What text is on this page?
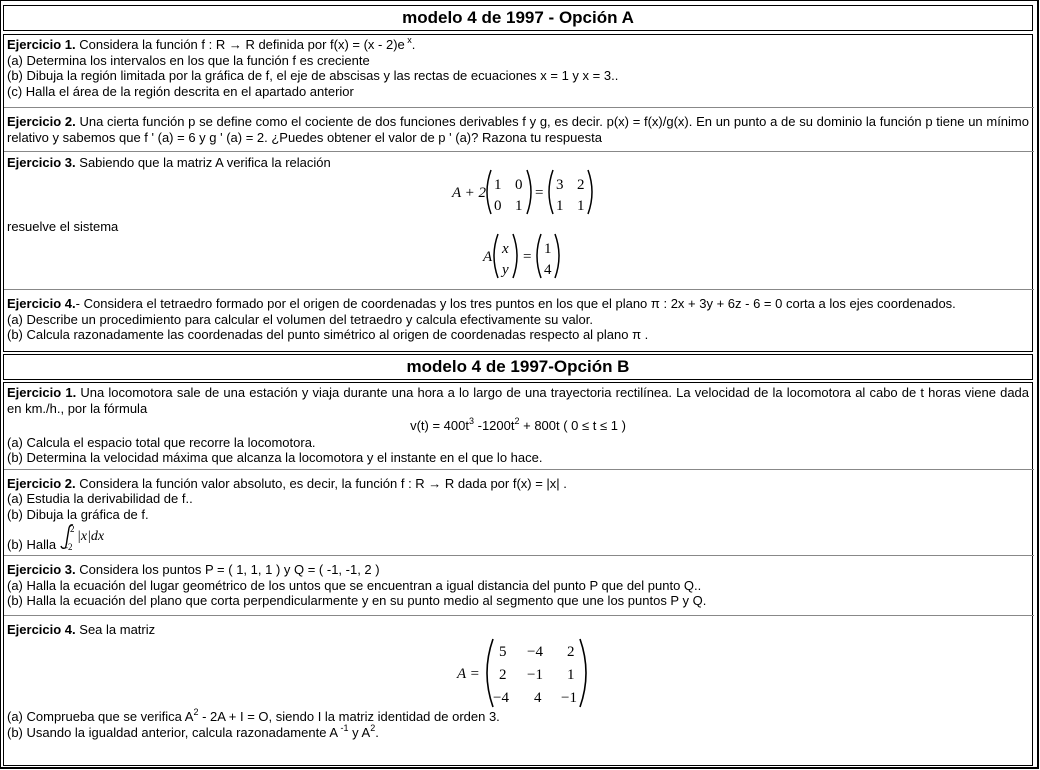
modelo 4 de 1997 - Opción A
Ejercicio 1. Considera la función f : R → R definida por f(x) = (x - 2)e $^x$.
(a) Determina los intervalos en los que la función f es creciente
(b) Dibuja la región limitada por la gráfica de f, el eje de abscisas y las rectas de ecuaciones x = 1 y x = 3..
(c) Halla el área de la región descrita en el apartado anterior
Ejercicio 2. Una cierta función p se define como el cociente de dos funciones derivables f y g, es decir. p(x) = f(x)/g(x). En un punto a de su dominio la función p tiene un mínimo relativo y sabemos que f ' (a) = 6 y g ' (a) = 2. ¿Puedes obtener el valor de p ' (a)? Razona tu respuesta
Ejercicio 3. Sabiendo que la matriz A verifica la relación
A + 2 1 0
0 1
= 3 2
1 1
resuelve el sistema
A x
y
= 1
4
Ejercicio 4.- Considera el tetraedro formado por el origen de coordenadas y los tres puntos en los que el plano π : 2x + 3y + 6z - 6 = 0 corta a los ejes coordenados.
(a) Describe un procedimiento para calcular el volumen del tetraedro y calcula efectivamente su valor.
(b) Calcula razonadamente las coordenadas del punto simétrico al origen de coordenadas respecto al plano π .
modelo 4 de 1997-Opción B
Ejercicio 1. Una locomotora sale de una estación y viaja durante una hora a lo largo de una trayectoria rectilínea. La velocidad de la locomotora al cabo de t horas viene dada en km./h., por la fórmula
$v(t) = 400t^3$ $-1200t^2 + 800t$ ( 0 ≤ t ≤ 1 )
(a) Calcula el espacio total que recorre la locomotora.
(b) Determina la velocidad máxima que alcanza la locomotora y el instante en el que lo hace.
Ejercicio 2. Considera la función valor absoluto, es decir, la función f : R → R dada por f(x) = |x| .
(a) Estudia la derivabilidad de f..
(b) Dibuja la gráfica de f.
(b) Halla
2
-2
|x|dx
Ejercicio 3. Considera los puntos P = ( 1, 1, 1 ) y Q = ( -1, -1, 2 )
(a) Halla la ecuación del lugar geométrico de los untos que se encuentran a igual distancia del punto P que del punto Q..
(b) Halla la ecuación del plano que corta perpendicularmente y en su punto medio al segmento que une los puntos P y Q.
Ejercicio 4. Sea la matriz
A =
5 −4 2
2 −1 1
−4 4 −1
(a) Comprueba que se verifica $A^2 - 2A + I = O$, siendo I la matriz identidad de orden 3.
(b) Usando la igualdad anterior, calcula razonadamente A $^{-1}$ y $A^2$.
